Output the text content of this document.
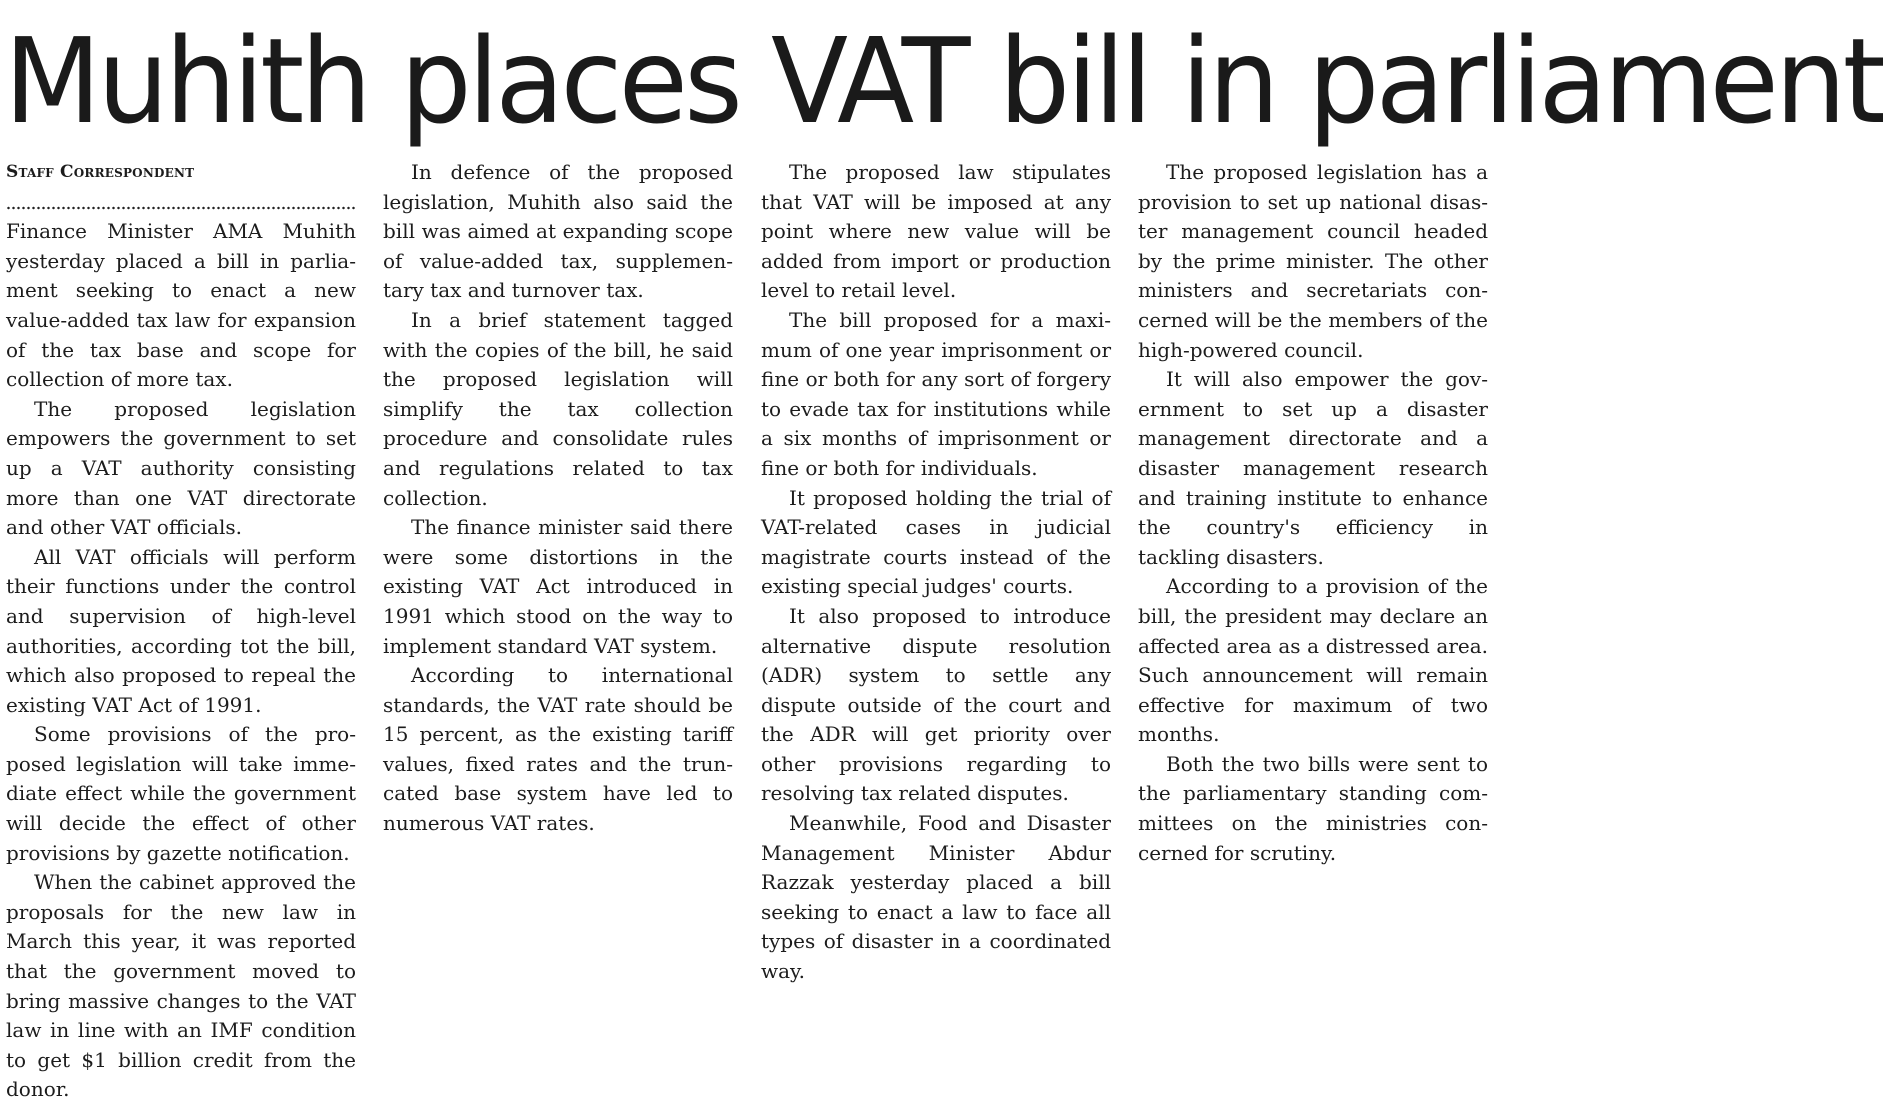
Muhith places VAT bill in parliament
Staff Correspondent

Finance Minister AMA Muhith yesterday placed a bill in parliament seeking to enact a new value-added tax law for expansion of the tax base and scope for collection of more tax.

The proposed legislation empowers the government to set up a VAT authority consisting more than one VAT directorate and other VAT officials.

All VAT officials will perform their functions under the control and supervision of high-level authorities, according tot the bill, which also proposed to repeal the existing VAT Act of 1991.

Some provisions of the proposed legislation will take immediate effect while the government will decide the effect of other provisions by gazette notification.

When the cabinet approved the proposals for the new law in March this year, it was reported that the government moved to bring massive changes to the VAT law in line with an IMF condition to get $1 billion credit from the donor.

In defence of the proposed legislation, Muhith also said the bill was aimed at expanding scope of value-added tax, supplementary tax and turnover tax.

In a brief statement tagged with the copies of the bill, he said the proposed legislation will simplify the tax collection procedure and consolidate rules and regulations related to tax collection.

The finance minister said there were some distortions in the existing VAT Act introduced in 1991 which stood on the way to implement standard VAT system.

According to international standards, the VAT rate should be 15 percent, as the existing tariff values, fixed rates and the truncated base system have led to numerous VAT rates.

The proposed law stipulates that VAT will be imposed at any point where new value will be added from import or production level to retail level.

The bill proposed for a maximum of one year imprisonment or fine or both for any sort of forgery to evade tax for institutions while a six months of imprisonment or fine or both for individuals.

It proposed holding the trial of VAT-related cases in judicial magistrate courts instead of the existing special judges' courts.

It also proposed to introduce alternative dispute resolution (ADR) system to settle any dispute outside of the court and the ADR will get priority over other provisions regarding to resolving tax related disputes.

Meanwhile, Food and Disaster Management Minister Abdur Razzak yesterday placed a bill seeking to enact a law to face all types of disaster in a coordinated way.

The proposed legislation has a provision to set up national disaster management council headed by the prime minister. The other ministers and secretariats concerned will be the members of the high-powered council.

It will also empower the government to set up a disaster management directorate and a disaster management research and training institute to enhance the country's efficiency in tackling disasters.

According to a provision of the bill, the president may declare an affected area as a distressed area. Such announcement will remain effective for maximum of two months.

Both the two bills were sent to the parliamentary standing committees on the ministries concerned for scrutiny.
